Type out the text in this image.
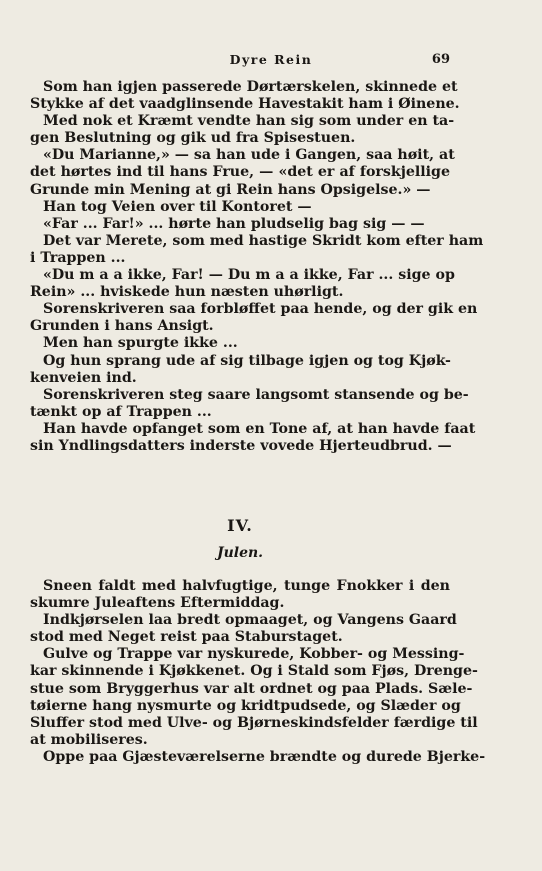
Dyre Rein	69
Som han igjen passerede Dørtærskelen, skinnede et
Stykke af det vaadglinsende Havestakit ham i Øinene.
Med nok et Kræmt vendte han sig som under en ta-
gen Beslutning og gik ud fra Spisestuen.
«Du Marianne,» — sa han ude i Gangen, saa høit, at
det hørtes ind til hans Frue, — «det er af forskjellige
Grunde min Mening at gi Rein hans Opsigelse.» —
Han tog Veien over til Kontoret —
«Far ... Far!» ... hørte han pludselig bag sig — —
Det var Merete, som med hastige Skridt kom efter ham
i Trappen ...
«Du m a a ikke, Far! — Du m a a ikke, Far ... sige op
Rein» ... hviskede hun næsten uhørligt.
Sorenskriveren saa forbløffet paa hende, og der gik en
Grunden i hans Ansigt.
Men han spurgte ikke ...
Og hun sprang ude af sig tilbage igjen og tog Kjøk-
kenveien ind.
Sorenskriveren steg saare langsomt stansende og be-
tænkt op af Trappen ...
Han havde opfanget som en Tone af, at han havde faat
sin Yndlingsdatters inderste vovede Hjerteudbrud. —
IV.
Julen.
Sneen faldt med halvfugtige, tunge Fnokker i den
skumre Juleaftens Eftermiddag.
Indkjørselen laa bredt opmaaget, og Vangens Gaard
stod med Neget reist paa Staburstaget.
Gulve og Trappe var nyskurede, Kobber- og Messing-
kar skinnende i Kjøkkenet. Og i Stald som Fjøs, Drenge-
stue som Bryggerhus var alt ordnet og paa Plads. Sæle-
tøierne hang nysmurte og kridtpudsede, og Slæder og
Sluffer stod med Ulve- og Bjørneskindsfelder færdige til
at mobiliseres.
Oppe paa Gjæsteværelserne brændte og durede Bjerke-
